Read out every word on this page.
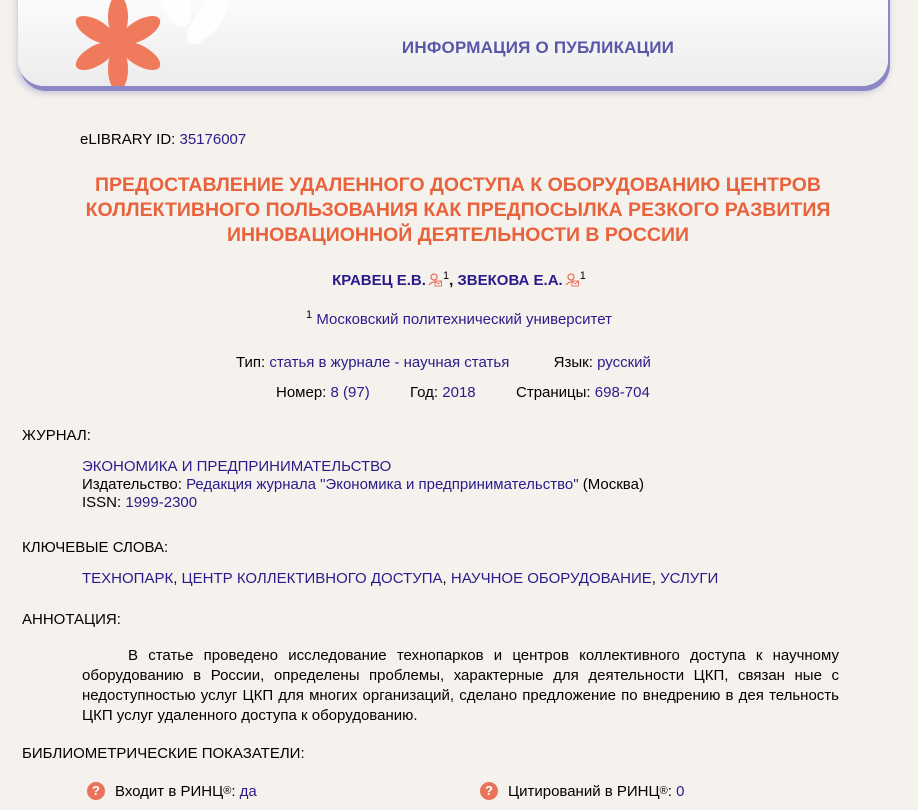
ИНФОРМАЦИЯ О ПУБЛИКАЦИИ
eLIBRARY ID: 35176007
ПРЕДОСТАВЛЕНИЕ УДАЛЕННОГО ДОСТУПА К ОБОРУДОВАНИЮ ЦЕНТРОВ
КОЛЛЕКТИВНОГО ПОЛЬЗОВАНИЯ КАК ПРЕДПОСЫЛКА РЕЗКОГО РАЗВИТИЯ
ИННОВАЦИОННОЙ ДЕЯТЕЛЬНОСТИ В РОССИИ
КРАВЕЦ Е.В. $^1$, ЗВЕКОВА Е.А. $^1$
$^1$ Московский политехнический университет
Тип: статья в журнале - научная статья	Язык: русский
Номер: 8 (97)	Год: 2018	Страницы: 698-704
ЖУРНАЛ:
ЭКОНОМИКА И ПРЕДПРИНИМАТЕЛЬСТВО
Издательство: Редакция журнала "Экономика и предпринимательство" (Москва)
ISSN: 1999-2300
КЛЮЧЕВЫЕ СЛОВА:
ТЕХНОПАРК, ЦЕНТР КОЛЛЕКТИВНОГО ДОСТУПА, НАУЧНОЕ ОБОРУДОВАНИЕ, УСЛУГИ
АННОТАЦИЯ:
В статье проведено исследование технопарков и центров коллективного доступа к научному оборудованию в России, определены проблемы, характерные для деятельности ЦКП, связан ные с недоступностью услуг ЦКП для многих организаций, сделано предложение по внедрению в дея тельность ЦКП услуг удаленного доступа к оборудованию.
БИБЛИОМЕТРИЧЕСКИЕ ПОКАЗАТЕЛИ:
?	Входит в РИНЦ ® :
да	?	Цитирований в РИНЦ ® :
0
